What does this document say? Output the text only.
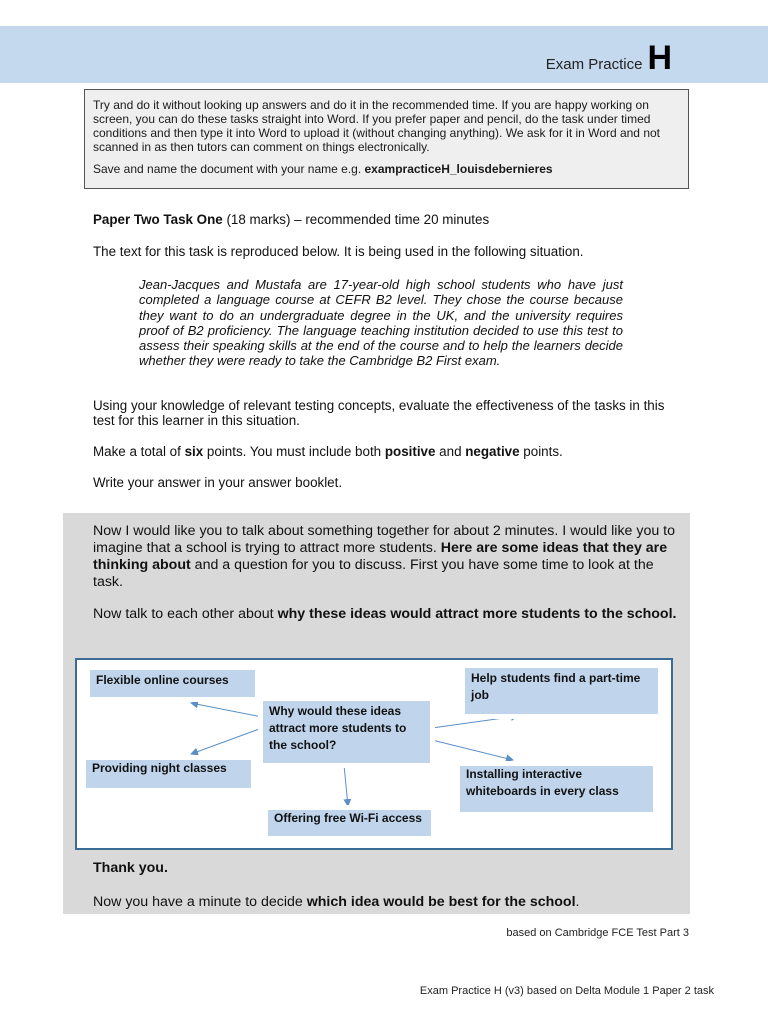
Exam Practice H

Try and do it without looking up answers and do it in the recommended time. If you are happy working on screen, you can do these tasks straight into Word. If you prefer paper and pencil, do the task under timed conditions and then type it into Word to upload it (without changing anything). We ask for it in Word and not scanned in as then tutors can comment on things electronically.

Save and name the document with your name e.g. exampracticeH_louisdebernieres

Paper Two Task One (18 marks) – recommended time 20 minutes

The text for this task is reproduced below. It is being used in the following situation.

Jean-Jacques and Mustafa are 17-year-old high school students who have just completed a language course at CEFR B2 level. They chose the course because they want to do an undergraduate degree in the UK, and the university requires proof of B2 proficiency. The language teaching institution decided to use this test to assess their speaking skills at the end of the course and to help the learners decide whether they were ready to take the Cambridge B2 First exam.

Using your knowledge of relevant testing concepts, evaluate the effectiveness of the tasks in this test for this learner in this situation.

Make a total of six points. You must include both positive and negative points.

Write your answer in your answer booklet.

Now I would like you to talk about something together for about 2 minutes. I would like you to imagine that a school is trying to attract more students. Here are some ideas that they are thinking about and a question for you to discuss. First you have some time to look at the task.

Now talk to each other about why these ideas would attract more students to the school.

Why would these ideas attract more students to the school?
Flexible online courses	Help students find a part-time job
Providing night classes	Installing interactive whiteboards in every class
Offering free Wi-Fi access
Thank you.
Now you have a minute to decide which idea would be best for the school.
based on Cambridge FCE Test Part 3
Exam Practice H (v3) based on Delta Module 1 Paper 2 task
